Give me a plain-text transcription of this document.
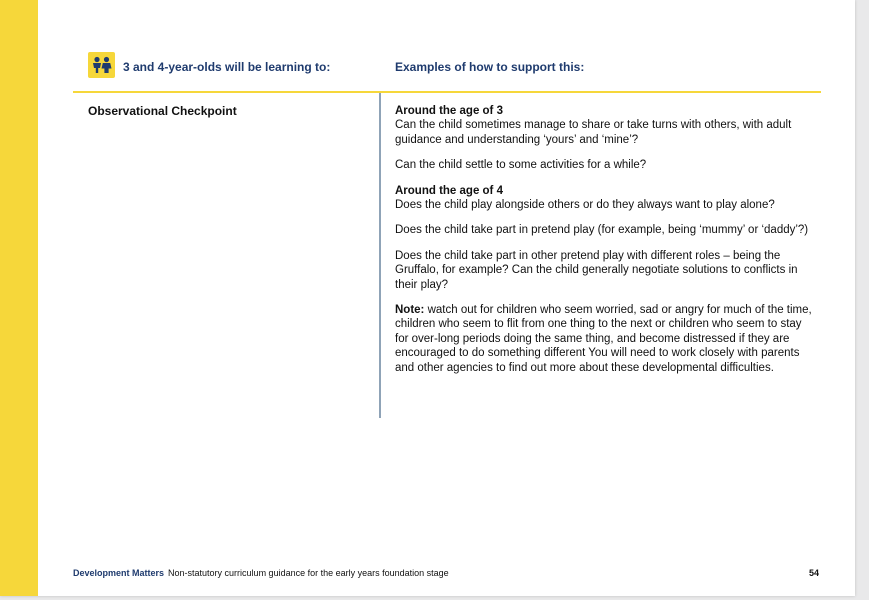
3 and 4-year-olds will be learning to:	Examples of how to support this:
Observational Checkpoint	Around the age of 3

Can the child sometimes manage to share or take turns with others, with adult guidance and understanding ‘yours’ and ‘mine’?

Can the child settle to some activities for a while?

Around the age of 4

Does the child play alongside others or do they always want to play alone?

Does the child take part in pretend play (for example, being ‘mummy’ or ‘daddy’?)

Does the child take part in other pretend play with different roles – being the Gruffalo, for example? Can the child generally negotiate solutions to conflicts in their play?

Note: watch out for children who seem worried, sad or angry for much of the time, children who seem to flit from one thing to the next or children who seem to stay for over-long periods doing the same thing, and become distressed if they are encouraged to do something different You will need to work closely with parents and other agencies to find out more about these developmental difficulties.

Development Matters Non-statutory curriculum guidance for the early years foundation stage	54
